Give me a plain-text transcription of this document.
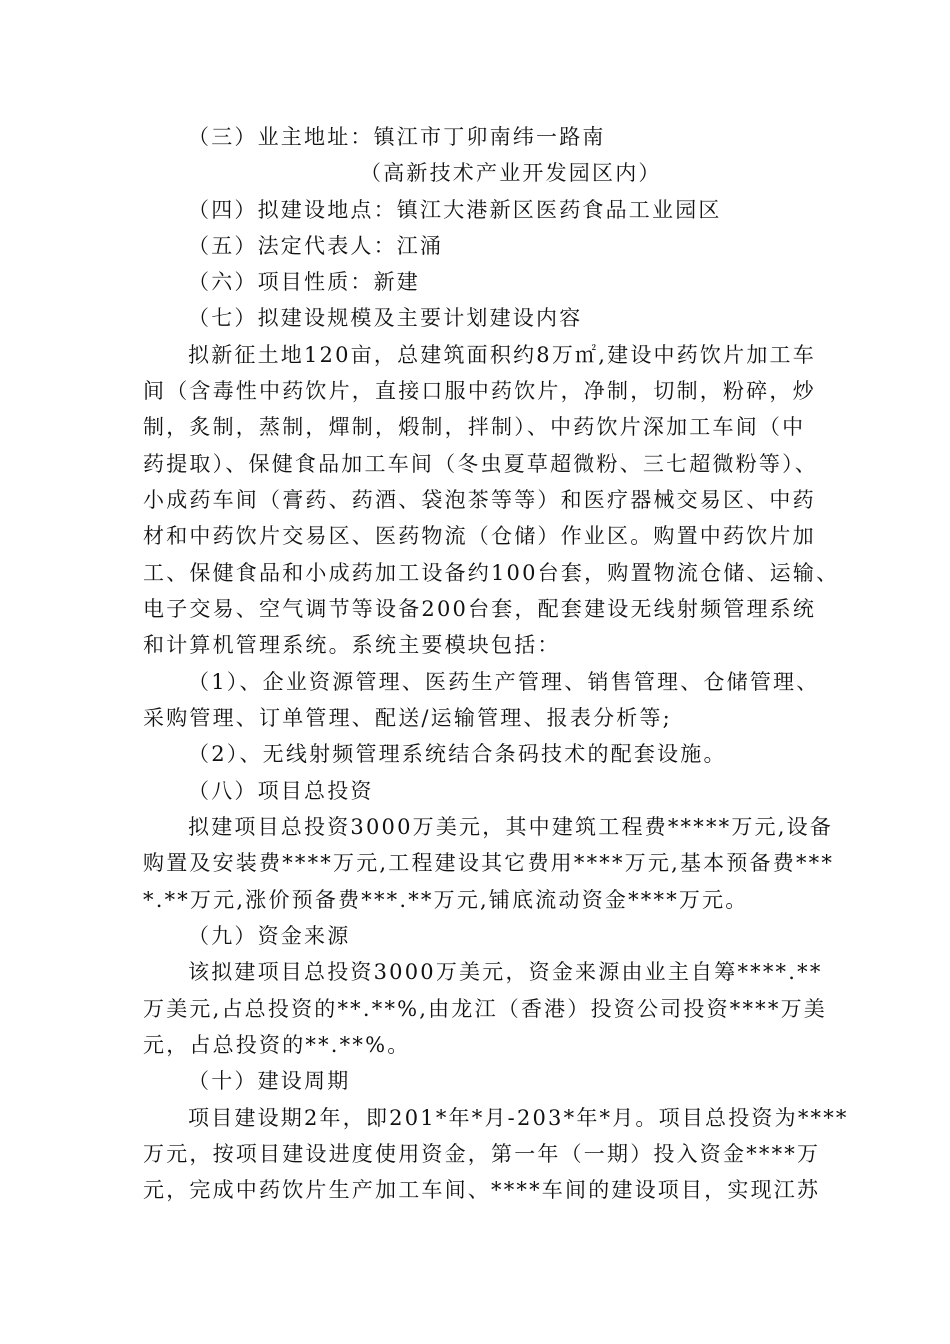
（三）业主地址：镇江市丁卯南纬一路南
（高新技术产业开发园区内）
（四）拟建设地点：镇江大港新区医药食品工业园区
（五）法定代表人：江涌
（六）项目性质：新建
（七）拟建设规模及主要计划建设内容
拟新征土地120亩，总建筑面积约8万㎡,建设中药饮片加工车
间（含毒性中药饮片，直接口服中药饮片，净制，切制，粉碎，炒
制，炙制，蒸制，燀制，煅制，拌制）、中药饮片深加工车间（中
药提取）、保健食品加工车间（冬虫夏草超微粉、三七超微粉等）、
小成药车间（膏药、药酒、袋泡茶等等）和医疗器械交易区、中药
材和中药饮片交易区、医药物流（仓储）作业区。购置中药饮片加
工、保健食品和小成药加工设备约100台套，购置物流仓储、运输、
电子交易、空气调节等设备200台套，配套建设无线射频管理系统
和计算机管理系统。系统主要模块包括：
（1）、企业资源管理、医药生产管理、销售管理、仓储管理、
采购管理、订单管理、配送/运输管理、报表分析等;
（2）、无线射频管理系统结合条码技术的配套设施。
（八）项目总投资
拟建项目总投资3000万美元，其中建筑工程费*****万元,设备
购置及安装费****万元,工程建设其它费用****万元,基本预备费***
*.**万元,涨价预备费***.**万元,铺底流动资金****万元。
（九）资金来源
该拟建项目总投资3000万美元，资金来源由业主自筹****.**
万美元,占总投资的**.**%,由龙江（香港）投资公司投资****万美
元，占总投资的**.**%。
（十）建设周期
项目建设期2年，即201*年*月-203*年*月。项目总投资为****
万元，按项目建设进度使用资金，第一年（一期）投入资金****万
元，完成中药饮片生产加工车间、****车间的建设项目，实现江苏
